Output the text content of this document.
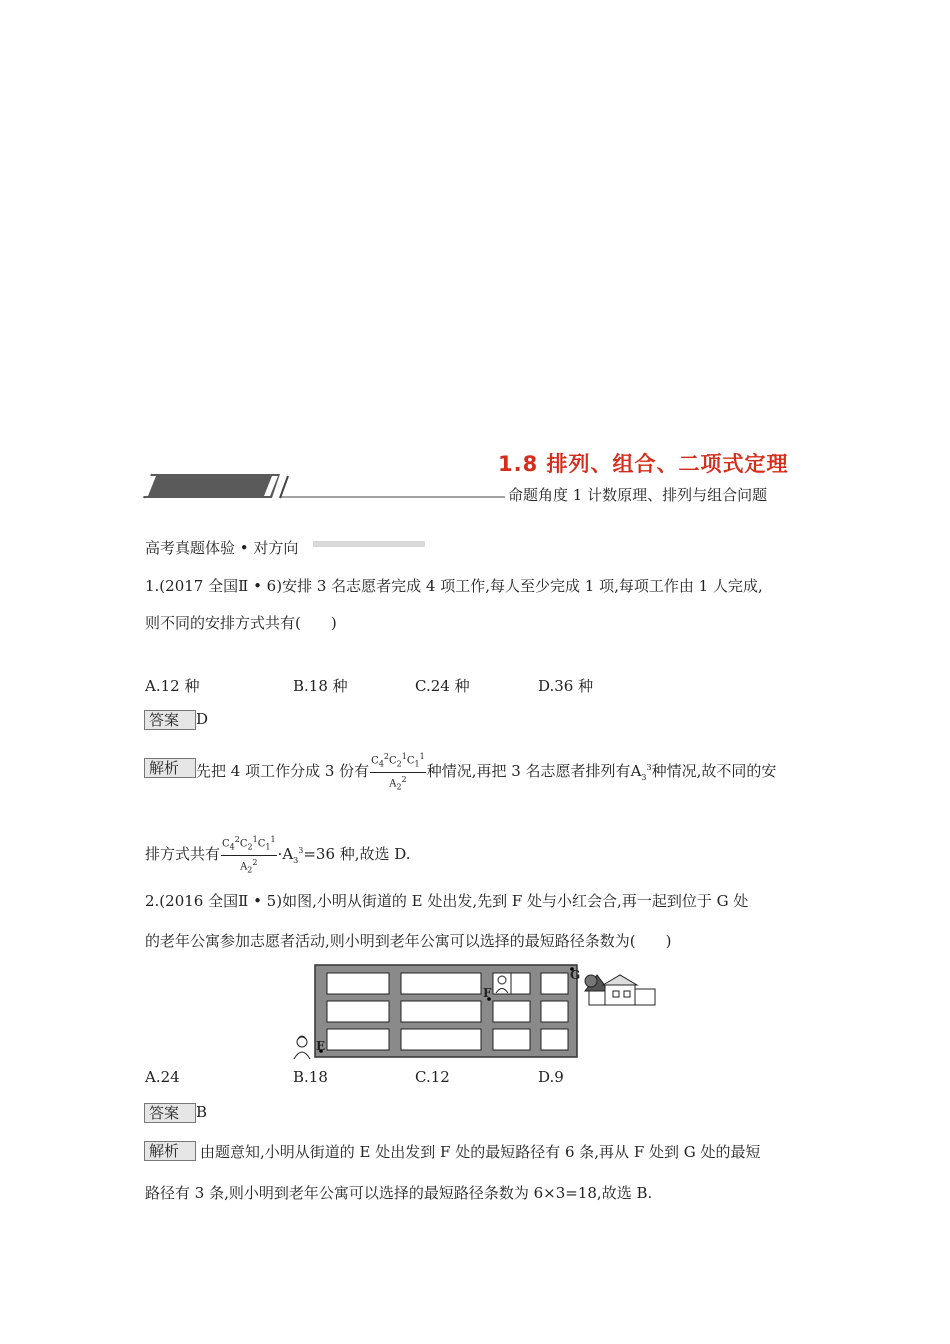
1.8 排列、组合、二项式定理
命题角度 1 计数原理、排列与组合问题
高考真题体验 • 对方向
1.(2017 全国Ⅱ • 6)安排 3 名志愿者完成 4 项工作,每人至少完成 1 项,每项工作由 1 人完成,
则不同的安排方式共有(　　)
A.12 种	B.18 种	C.24 种	D.36 种
答案	D
解析	先把 4 项工作分成 3 份有 $\frac{C_4^2C_2^1C_1^1}{A_2^2}$ 种情况,再把 3 名志愿者排列有$A_3^3$种情况,故不同的安
排方式共有 $\frac{C_4^2C_2^1C_1^1}{A_2^2} \cdot A_3^3=36$ 种,故选 D.
2.(2016 全国Ⅱ • 5)如图,小明从街道的 E 处出发,先到 F 处与小红会合,再一起到位于 G 处
的老年公寓参加志愿者活动,则小明到老年公寓可以选择的最短路径条数为(　　)
E
F
G
A.24	B.18	C.12	D.9
答案	B
解析	由题意知,小明从街道的 E 处出发到 F 处的最短路径有 6 条,再从 F 处到 G 处的最短
路径有 3 条,则小明到老年公寓可以选择的最短路径条数为 6×3=18,故选 B.
